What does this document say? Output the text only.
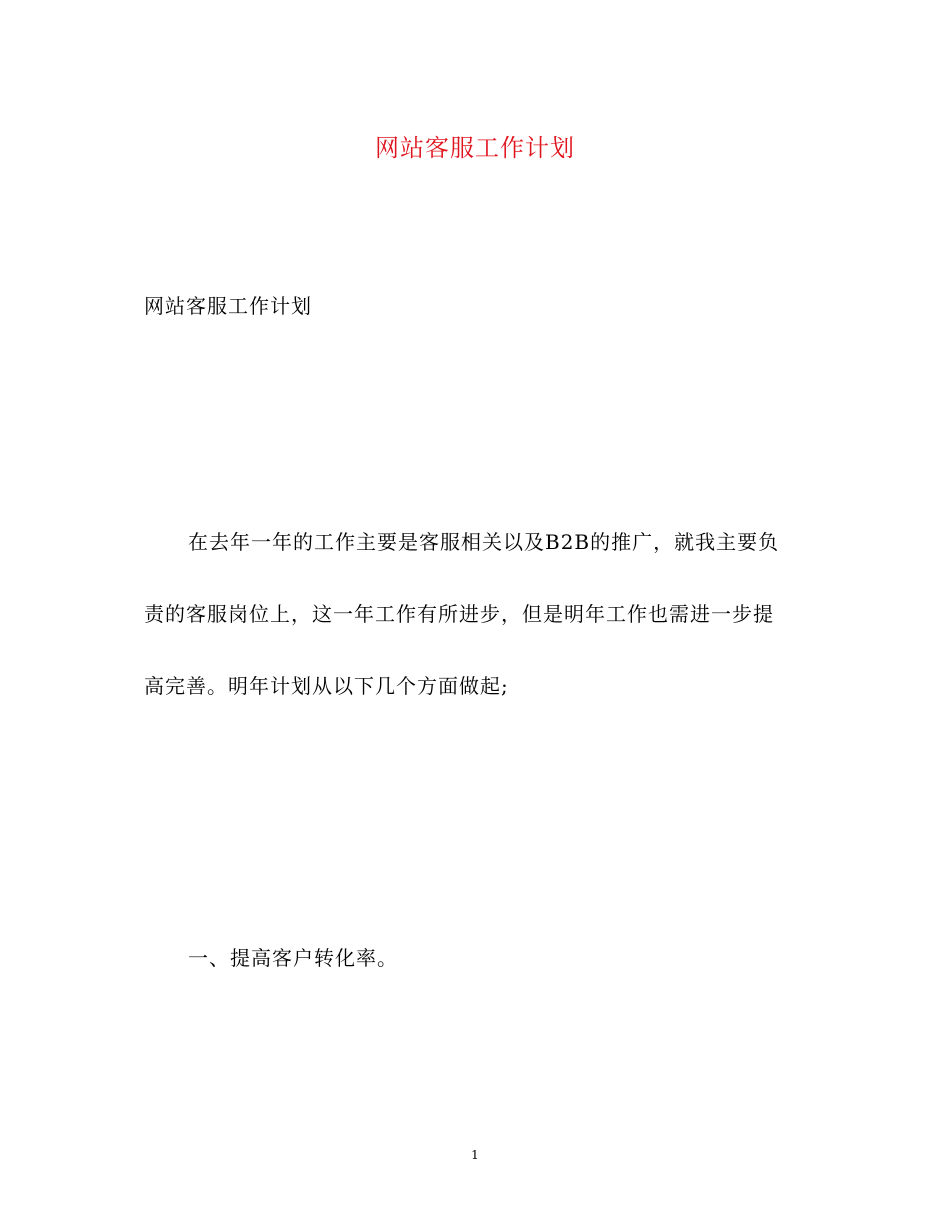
网站客服工作计划
网站客服工作计划
在去年一年的工作主要是客服相关以及B2B的推广，就我主要负
责的客服岗位上，这一年工作有所进步，但是明年工作也需进一步提
高完善。明年计划从以下几个方面做起;
一、提高客户转化率。
1
